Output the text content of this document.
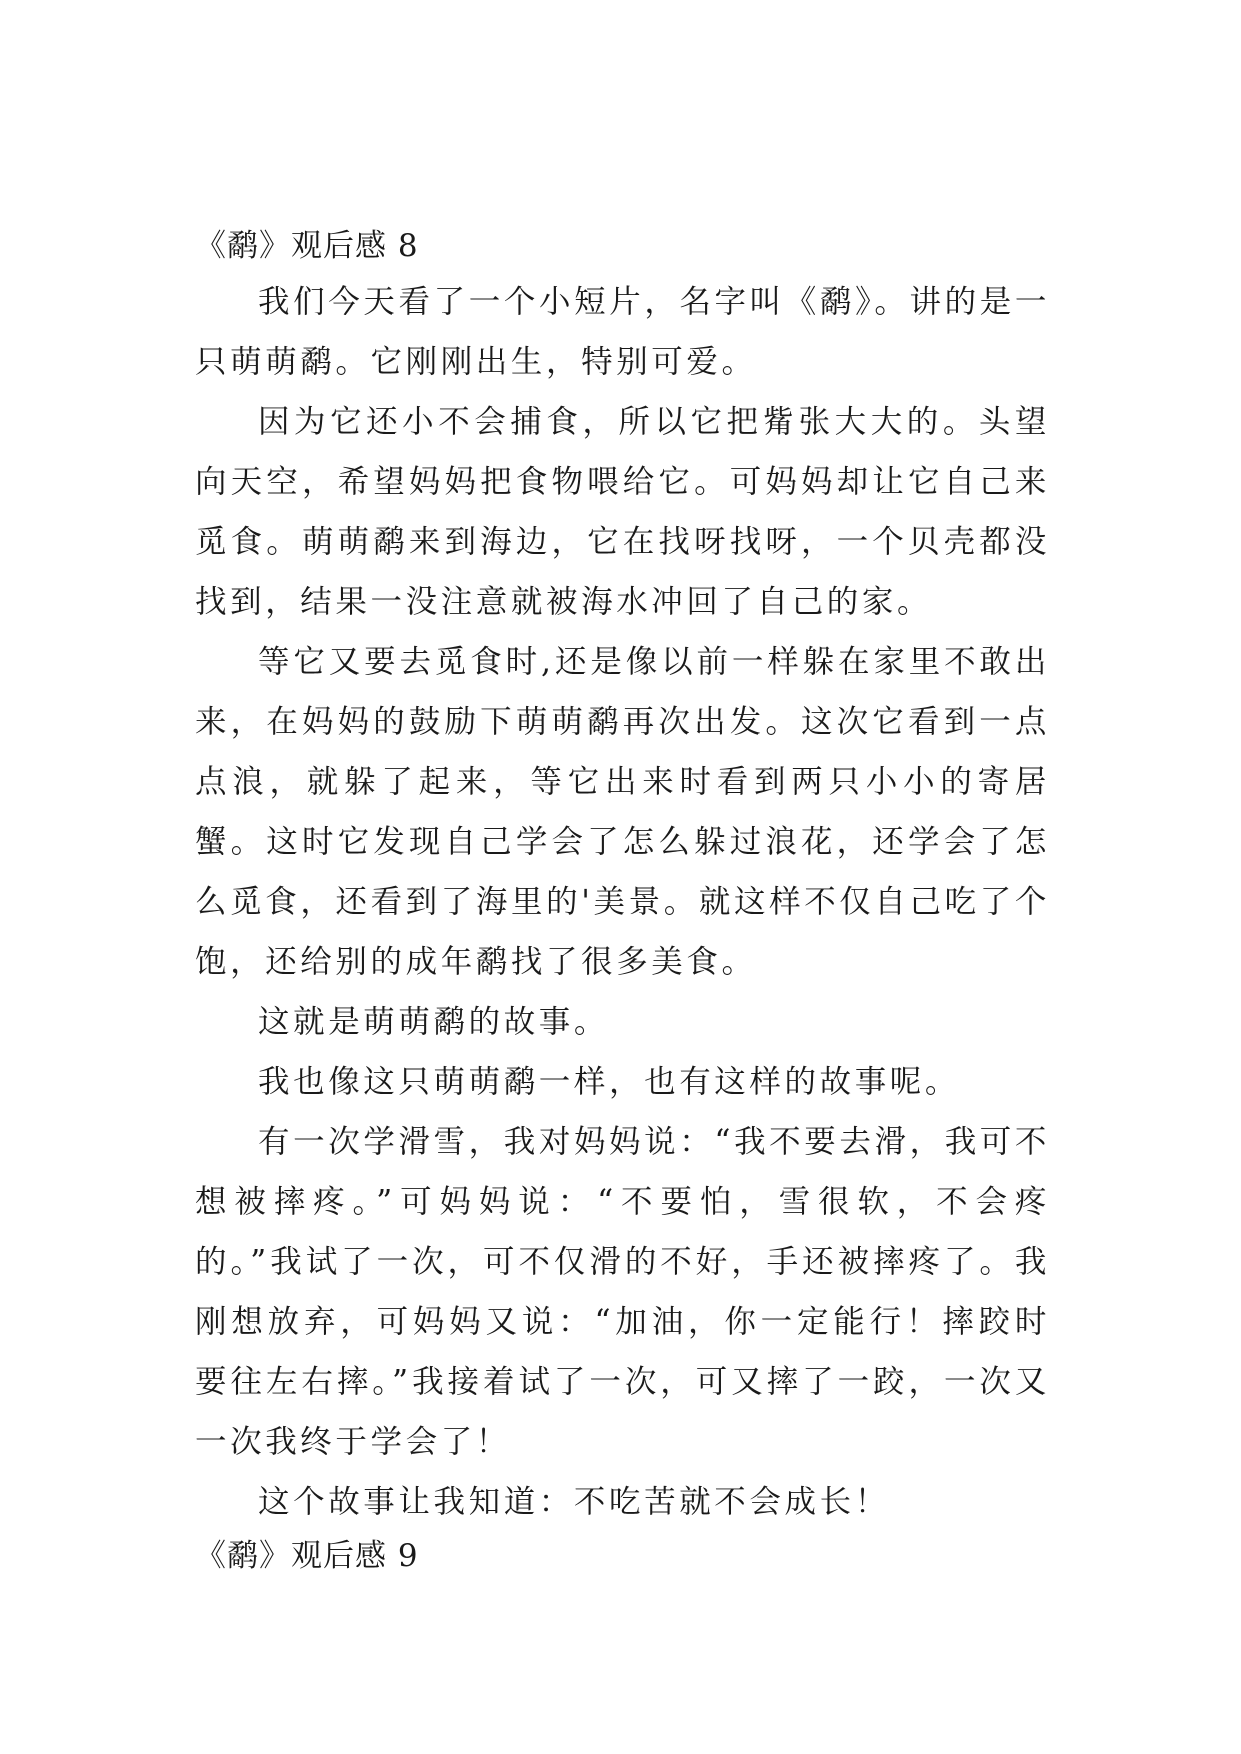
《鹬》观后感 8

我们今天看了一个小短片，名字叫《鹬》。讲的是一只萌萌鹬。它刚刚出生，特别可爱。

因为它还小不会捕食，所以它把觜张大大的。头望向天空，希望妈妈把食物喂给它。可妈妈却让它自己来觅食。萌萌鹬来到海边，它在找呀找呀，一个贝壳都没找到，结果一没注意就被海水冲回了自己的家。

等它又要去觅食时,还是像以前一样躲在家里不敢出来，在妈妈的鼓励下萌萌鹬再次出发。这次它看到一点点浪，就躲了起来，等它出来时看到两只小小的寄居蟹。这时它发现自己学会了怎么躲过浪花，还学会了怎么觅食，还看到了海里的'美景。就这样不仅自己吃了个饱，还给别的成年鹬找了很多美食。

这就是萌萌鹬的故事。

我也像这只萌萌鹬一样，也有这样的故事呢。

有一次学滑雪，我对妈妈说：“我不要去滑，我可不想被摔疼。”可妈妈说：“不要怕，雪很软，不会疼的。”我试了一次，可不仅滑的不好，手还被摔疼了。我刚想放弃，可妈妈又说：“加油，你一定能行！摔跤时要往左右摔。”我接着试了一次，可又摔了一跤，一次又一次我终于学会了！

这个故事让我知道：不吃苦就不会成长！

《鹬》观后感 9
